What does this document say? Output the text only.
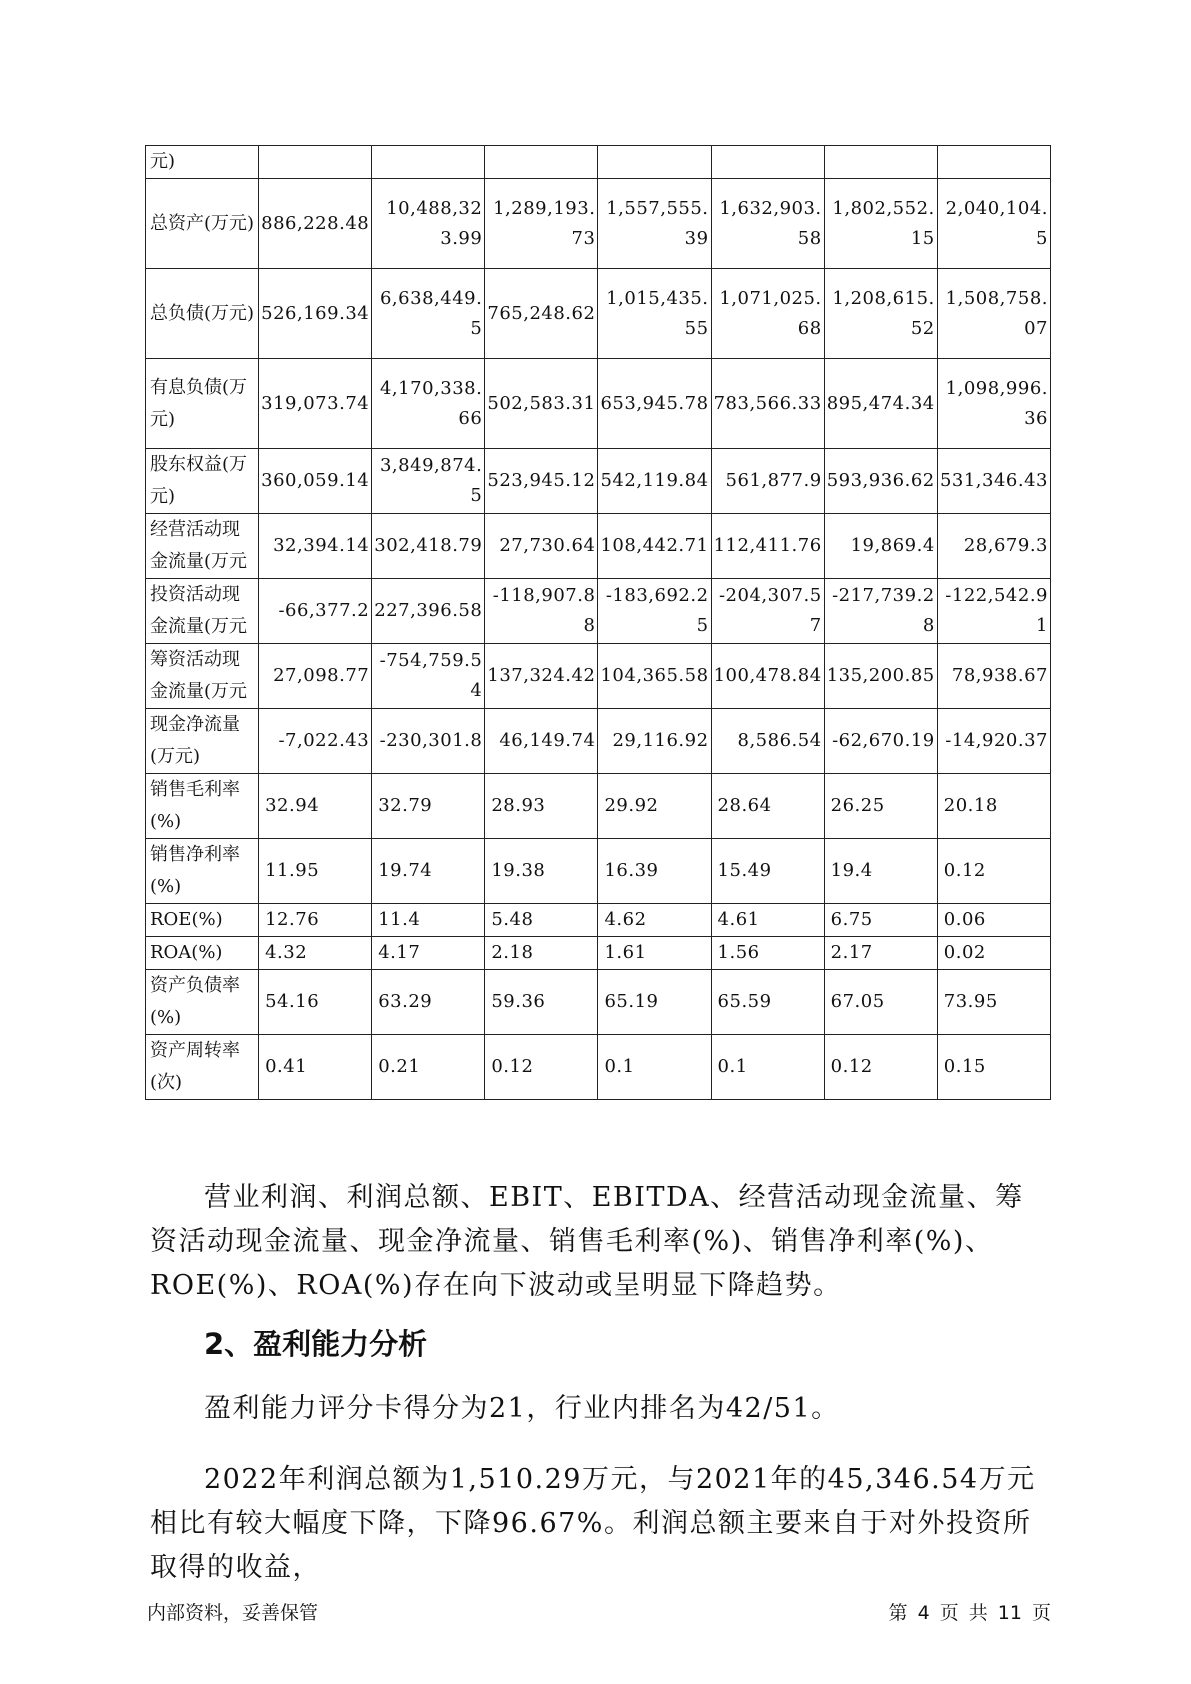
元)							
总资产(万元)	886,228.48	10,488,323.99	1,289,193.73	1,557,555.39	1,632,903.58	1,802,552.15	2,040,104.5
总负债(万元)	526,169.34	6,638,449.5	765,248.62	1,015,435.55	1,071,025.68	1,208,615.52	1,508,758.07
有息负债(万元)	319,073.74	4,170,338.66	502,583.31	653,945.78	783,566.33	895,474.34	1,098,996.36
股东权益(万元)	360,059.14	3,849,874.5	523,945.12	542,119.84	561,877.9	593,936.62	531,346.43
经营活动现金流量(万元	32,394.14	302,418.79	27,730.64	108,442.71	112,411.76	19,869.4	28,679.3
投资活动现金流量(万元	-66,377.2	227,396.58	-118,907.88	-183,692.25	-204,307.57	-217,739.28	-122,542.91
筹资活动现金流量(万元	27,098.77	-754,759.54	137,324.42	104,365.58	100,478.84	135,200.85	78,938.67
现金净流量(万元)	-7,022.43	-230,301.8	46,149.74	29,116.92	8,586.54	-62,670.19	-14,920.37
销售毛利率(%)	32.94	32.79	28.93	29.92	28.64	26.25	20.18
销售净利率(%)	11.95	19.74	19.38	16.39	15.49	19.4	0.12
ROE(%)	12.76	11.4	5.48	4.62	4.61	6.75	0.06
ROA(%)	4.32	4.17	2.18	1.61	1.56	2.17	0.02
资产负债率(%)	54.16	63.29	59.36	65.19	65.59	67.05	73.95
资产周转率(次)	0.41	0.21	0.12	0.1	0.1	0.12	0.15
营业利润、利润总额、EBIT、EBITDA、经营活动现金流量、筹资活动现金流量、现金净流量、销售毛利率(%)、销售净利率(%)、ROE(%)、ROA(%)存在向下波动或呈明显下降趋势。
2、盈利能力分析
盈利能力评分卡得分为21，行业内排名为42/51。
2022年利润总额为1,510.29万元，与2021年的45,346.54万元相比有较大幅度下降，下降96.67%。利润总额主要来自于对外投资所取得的收益，
内部资料，妥善保管	第 4 页 共 11 页
